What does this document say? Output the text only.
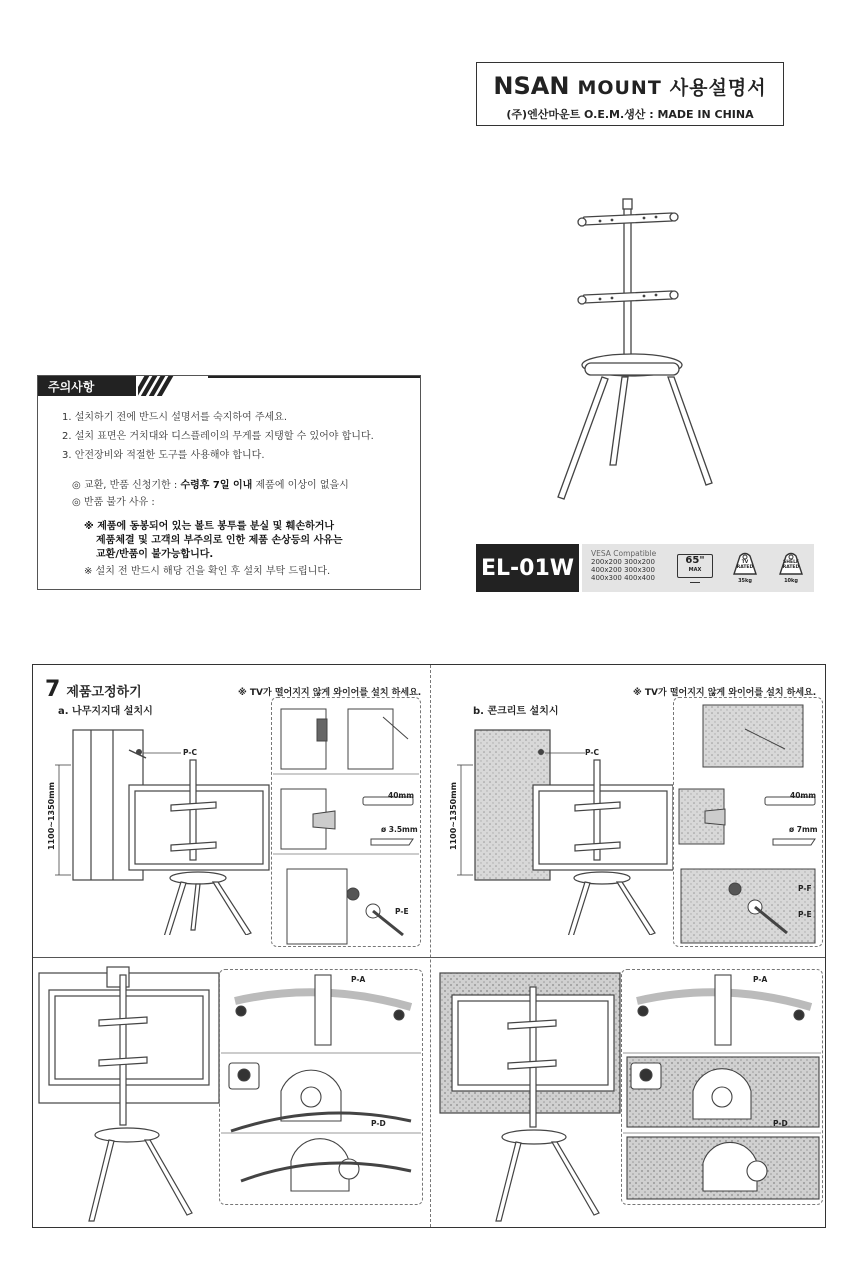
NSAN MOUNT 사용설명서
(주)엔산마운트 O.E.M.생산 : MADE IN CHINA
주의사항
1. 설치하기 전에 반드시 설명서를 숙지하여 주세요.
2. 설치 표면은 거치대와 디스플레이의 무게를 지탱할 수 있어야 합니다.
3. 안전장비와 적절한 도구를 사용해야 합니다.
◎ 교환, 반품 신청기한 : 수령후 7일 이내 제품에 이상이 없을시
◎ 반품 불가 사유 :
※ 제품에 동봉되어 있는 볼트 봉투를 분실 및 훼손하거나
제품체결 및 고객의 부주의로 인한 제품 손상등의 사유는
교환/반품이 불가능합니다.
※ 설치 전 반드시 해당 건을 확인 후 설치 부탁 드립니다.	EL-01W
VESA Compatible
200x200 300x200
400x200 300x300
400x300 400x400
65"
MAX
TV
RATED
35kg
SHELF
RATED
10kg
7 제품고정하기	※ TV가 떨어지지 않게 와이어를 설치 하세요.	※ TV가 떨어지지 않게 와이어를 설치 하세요.
a. 나무지지대 설치시	b. 콘크리트 설치시
P-C
1100~1350mm	40mm
ø 3.5mm
P-E
P-C
1100~1350mm	40mm
ø 7mm
P-F
P-E
P-A
P-D
P-A
P-D
